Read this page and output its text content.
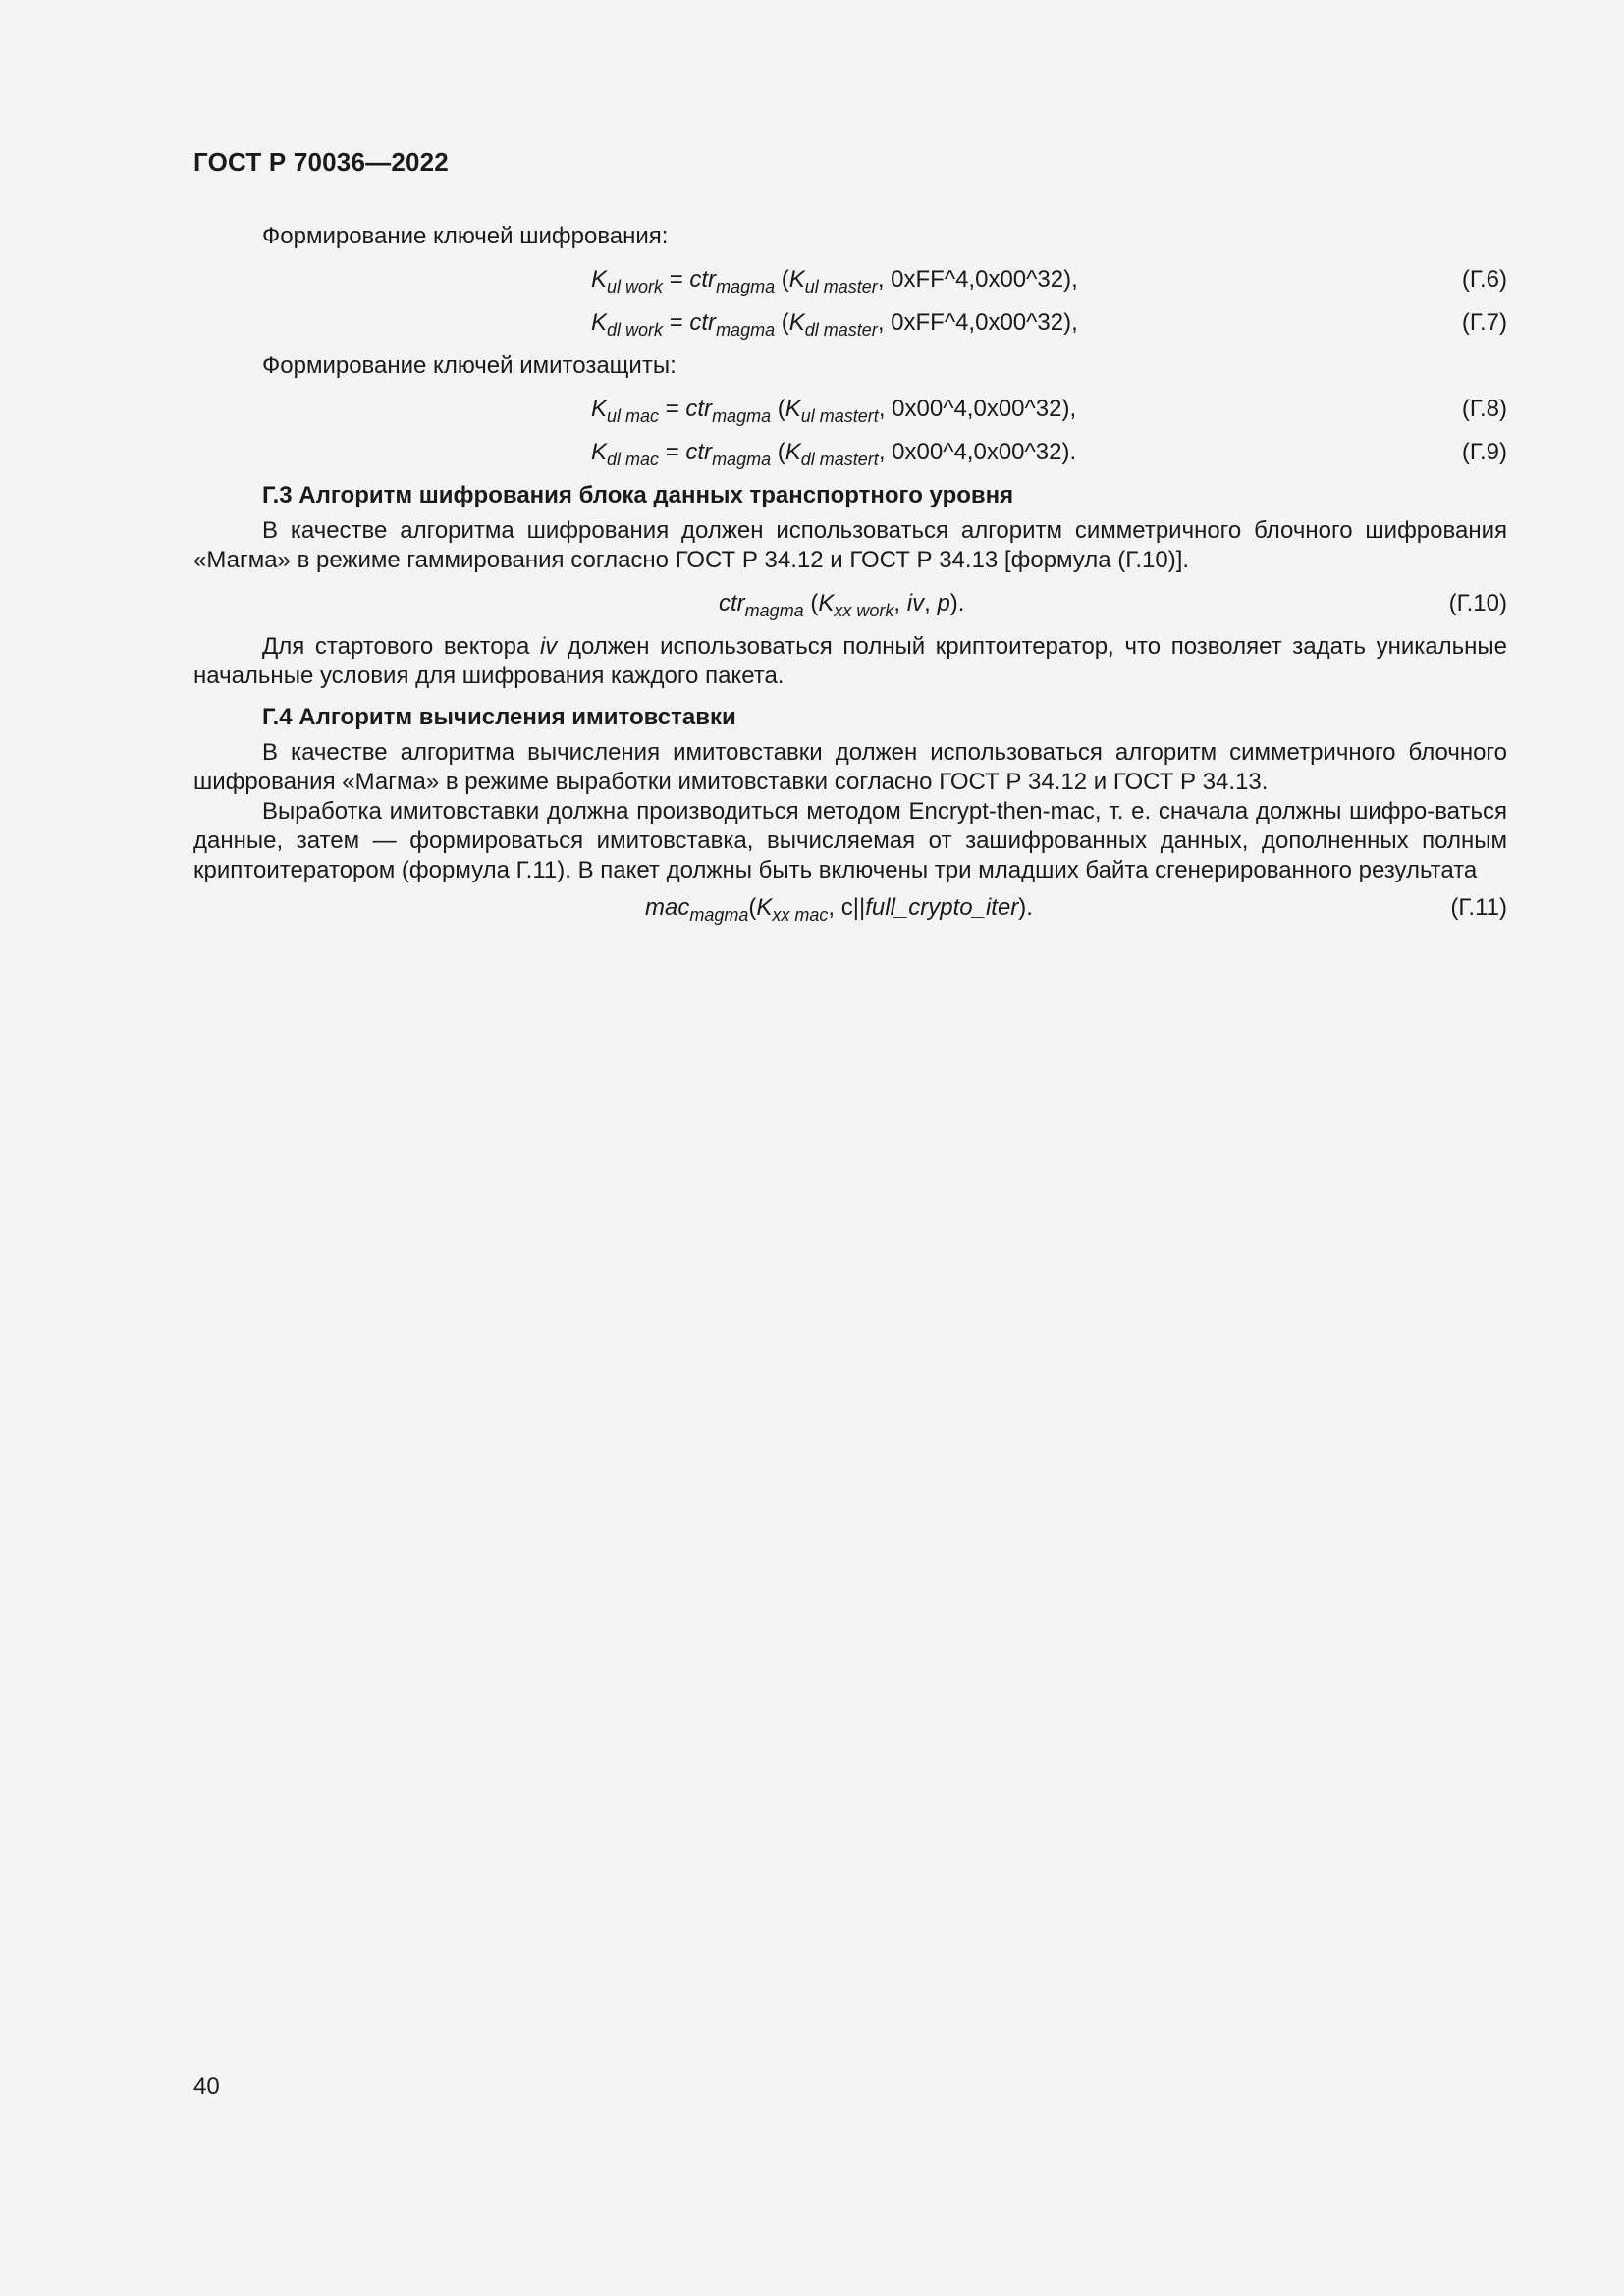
ГОСТ Р 70036—2022

Формирование ключей шифрования:

$K_{ul work} = ctr_{magma}$ ($K_{ul master}$, 0xFF^4,0x00^32),	(Г.6)
$K_{dl work} = ctr_{magma}$ ($K_{dl master}$, 0xFF^4,0x00^32),	(Г.7)

Формирование ключей имитозащиты:

$K_{ul mac} = ctr_{magma}$ ($K_{ul mastert}$, 0x00^4,0x00^32),	(Г.8)
$K_{dl mac} = ctr_{magma}$ ($K_{dl mastert}$, 0x00^4,0x00^32).	(Г.9)

Г.3 Алгоритм шифрования блока данных транспортного уровня

В качестве алгоритма шифрования должен использоваться алгоритм симметричного блочного шифрования «Магма» в режиме гаммирования согласно ГОСТ Р 34.12 и ГОСТ Р 34.13 [формула (Г.10)].

ctr$_{magma}$ ($K_{xx work}$, iv, p).	(Г.10)

Для стартового вектора iv должен использоваться полный криптоитератор, что позволяет задать уникальные начальные условия для шифрования каждого пакета.

Г.4 Алгоритм вычисления имитовставки

В качестве алгоритма вычисления имитовставки должен использоваться алгоритм симметричного блочного шифрования «Магма» в режиме выработки имитовставки согласно ГОСТ Р 34.12 и ГОСТ Р 34.13.

Выработка имитовставки должна производиться методом Encrypt-then-mac, т. е. сначала должны шифро-ваться данные, затем — формироваться имитовставка, вычисляемая от зашифрованных данных, дополненных полным криптоитератором (формула Г.11). В пакет должны быть включены три младших байта сгенерированного результата

$mac_{magma}(K_{xx mac}$, c||full_crypto_iter).	(Г.11)
40
